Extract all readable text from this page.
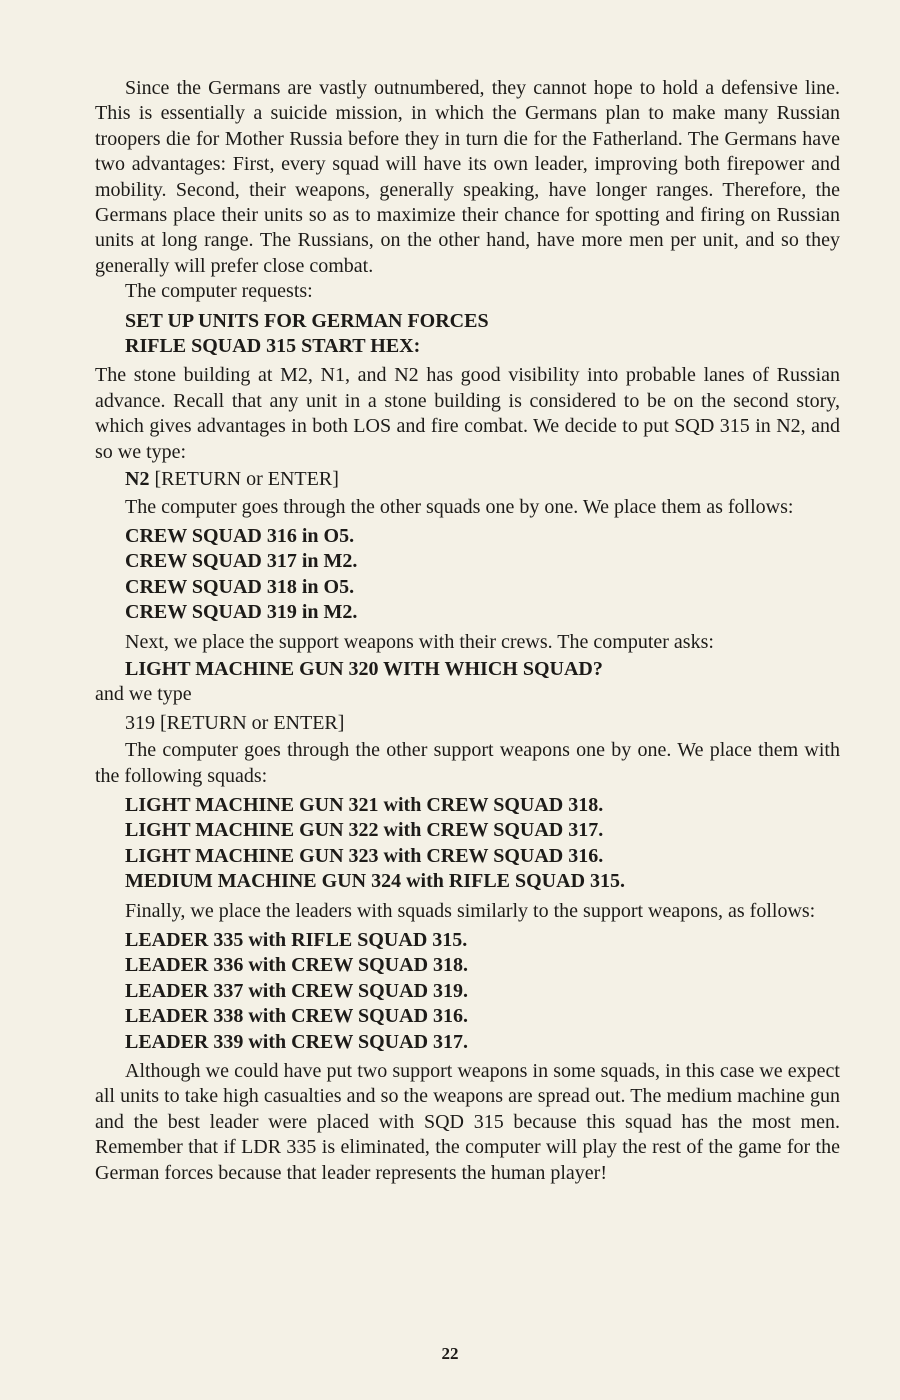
Since the Germans are vastly outnumbered, they cannot hope to hold a defensive line. This is essentially a suicide mission, in which the Germans plan to make many Russian troopers die for Mother Russia before they in turn die for the Fatherland. The Germans have two advantages: First, every squad will have its own leader, improving both firepower and mobility. Second, their weapons, generally speaking, have longer ranges. Therefore, the Germans place their units so as to maximize their chance for spotting and firing on Russian units at long range. The Russians, on the other hand, have more men per unit, and so they generally will prefer close combat.

The computer requests:

SET UP UNITS FOR GERMAN FORCES

RIFLE SQUAD 315 START HEX:

The stone building at M2, N1, and N2 has good visibility into probable lanes of Russian advance. Recall that any unit in a stone building is considered to be on the second story, which gives advantages in both LOS and fire combat. We decide to put SQD 315 in N2, and so we type:

N2 [RETURN or ENTER]

The computer goes through the other squads one by one. We place them as follows:

CREW SQUAD 316 in O5.

CREW SQUAD 317 in M2.

CREW SQUAD 318 in O5.

CREW SQUAD 319 in M2.

Next, we place the support weapons with their crews. The computer asks:

LIGHT MACHINE GUN 320 WITH WHICH SQUAD?

and we type

319 [RETURN or ENTER]

The computer goes through the other support weapons one by one. We place them with the following squads:

LIGHT MACHINE GUN 321 with CREW SQUAD 318.

LIGHT MACHINE GUN 322 with CREW SQUAD 317.

LIGHT MACHINE GUN 323 with CREW SQUAD 316.

MEDIUM MACHINE GUN 324 with RIFLE SQUAD 315.

Finally, we place the leaders with squads similarly to the support weapons, as follows:

LEADER 335 with RIFLE SQUAD 315.

LEADER 336 with CREW SQUAD 318.

LEADER 337 with CREW SQUAD 319.

LEADER 338 with CREW SQUAD 316.

LEADER 339 with CREW SQUAD 317.

Although we could have put two support weapons in some squads, in this case we expect all units to take high casualties and so the weapons are spread out. The medium machine gun and the best leader were placed with SQD 315 because this squad has the most men. Remember that if LDR 335 is eliminated, the computer will play the rest of the game for the German forces because that leader represents the human player!

22
